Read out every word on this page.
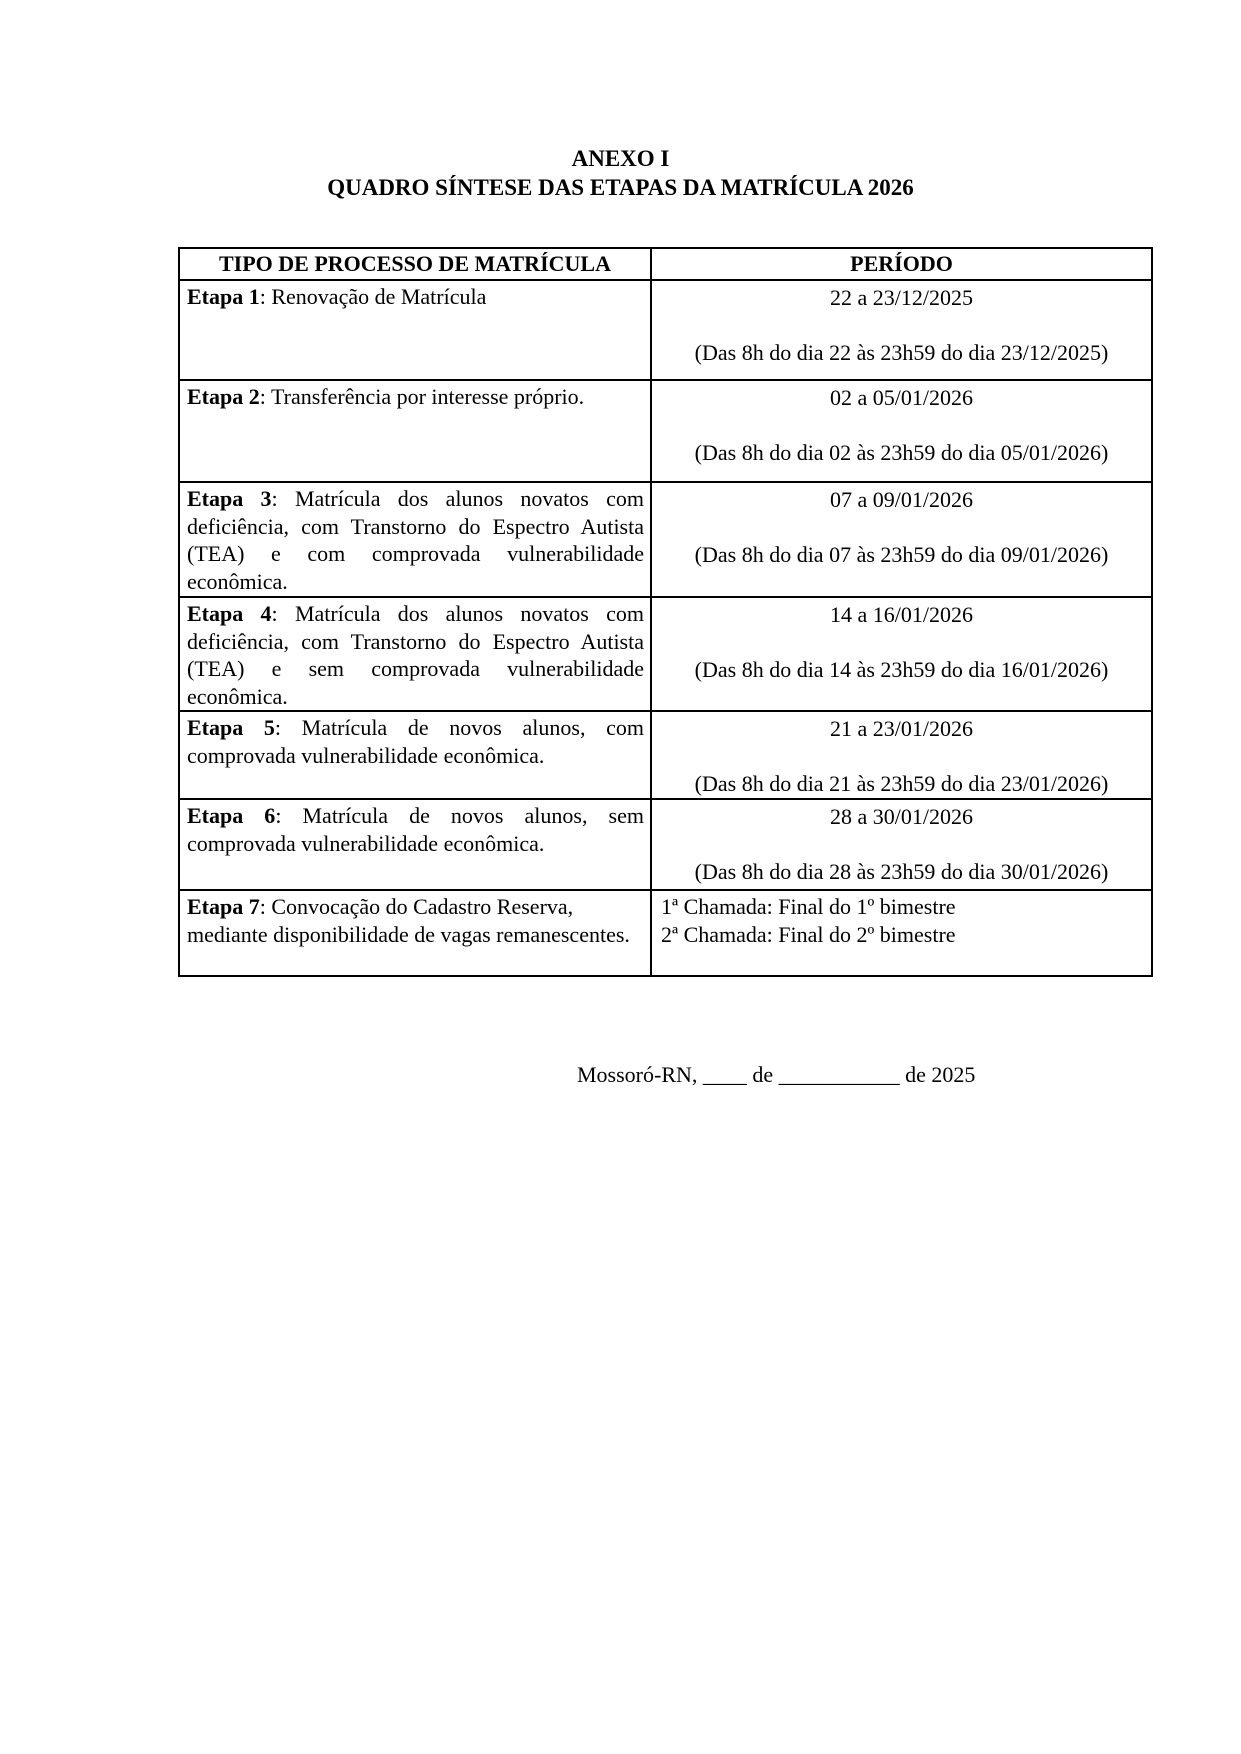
ANEXO I
QUADRO SÍNTESE DAS ETAPAS DA MATRÍCULA 2026
TIPO DE PROCESSO DE MATRÍCULA	PERÍODO
Etapa 1: Renovação de Matrícula	22 a 23/12/2025
(Das 8h do dia 22 às 23h59 do dia 23/12/2025)

Etapa 2: Transferência por interesse próprio.	02 a 05/01/2026
(Das 8h do dia 02 às 23h59 do dia 05/01/2026)

Etapa 3: Matrícula dos alunos novatos com deficiência, com Transtorno do Espectro Autista (TEA) e com comprovada vulnerabilidade econômica.	07 a 09/01/2026
(Das 8h do dia 07 às 23h59 do dia 09/01/2026)

Etapa 4: Matrícula dos alunos novatos com deficiência, com Transtorno do Espectro Autista (TEA) e sem comprovada vulnerabilidade econômica.	14 a 16/01/2026
(Das 8h do dia 14 às 23h59 do dia 16/01/2026)

Etapa 5: Matrícula de novos alunos, com comprovada vulnerabilidade econômica.	21 a 23/01/2026
(Das 8h do dia 21 às 23h59 do dia 23/01/2026)

Etapa 6: Matrícula de novos alunos, sem comprovada vulnerabilidade econômica.	28 a 30/01/2026
(Das 8h do dia 28 às 23h59 do dia 30/01/2026)

Etapa 7: Convocação do Cadastro Reserva, mediante disponibilidade de vagas remanescentes.	1ª Chamada: Final do 1º bimestre
2ª Chamada: Final do 2º bimestre
Mossoró-RN, ____ de ___________ de 2025
